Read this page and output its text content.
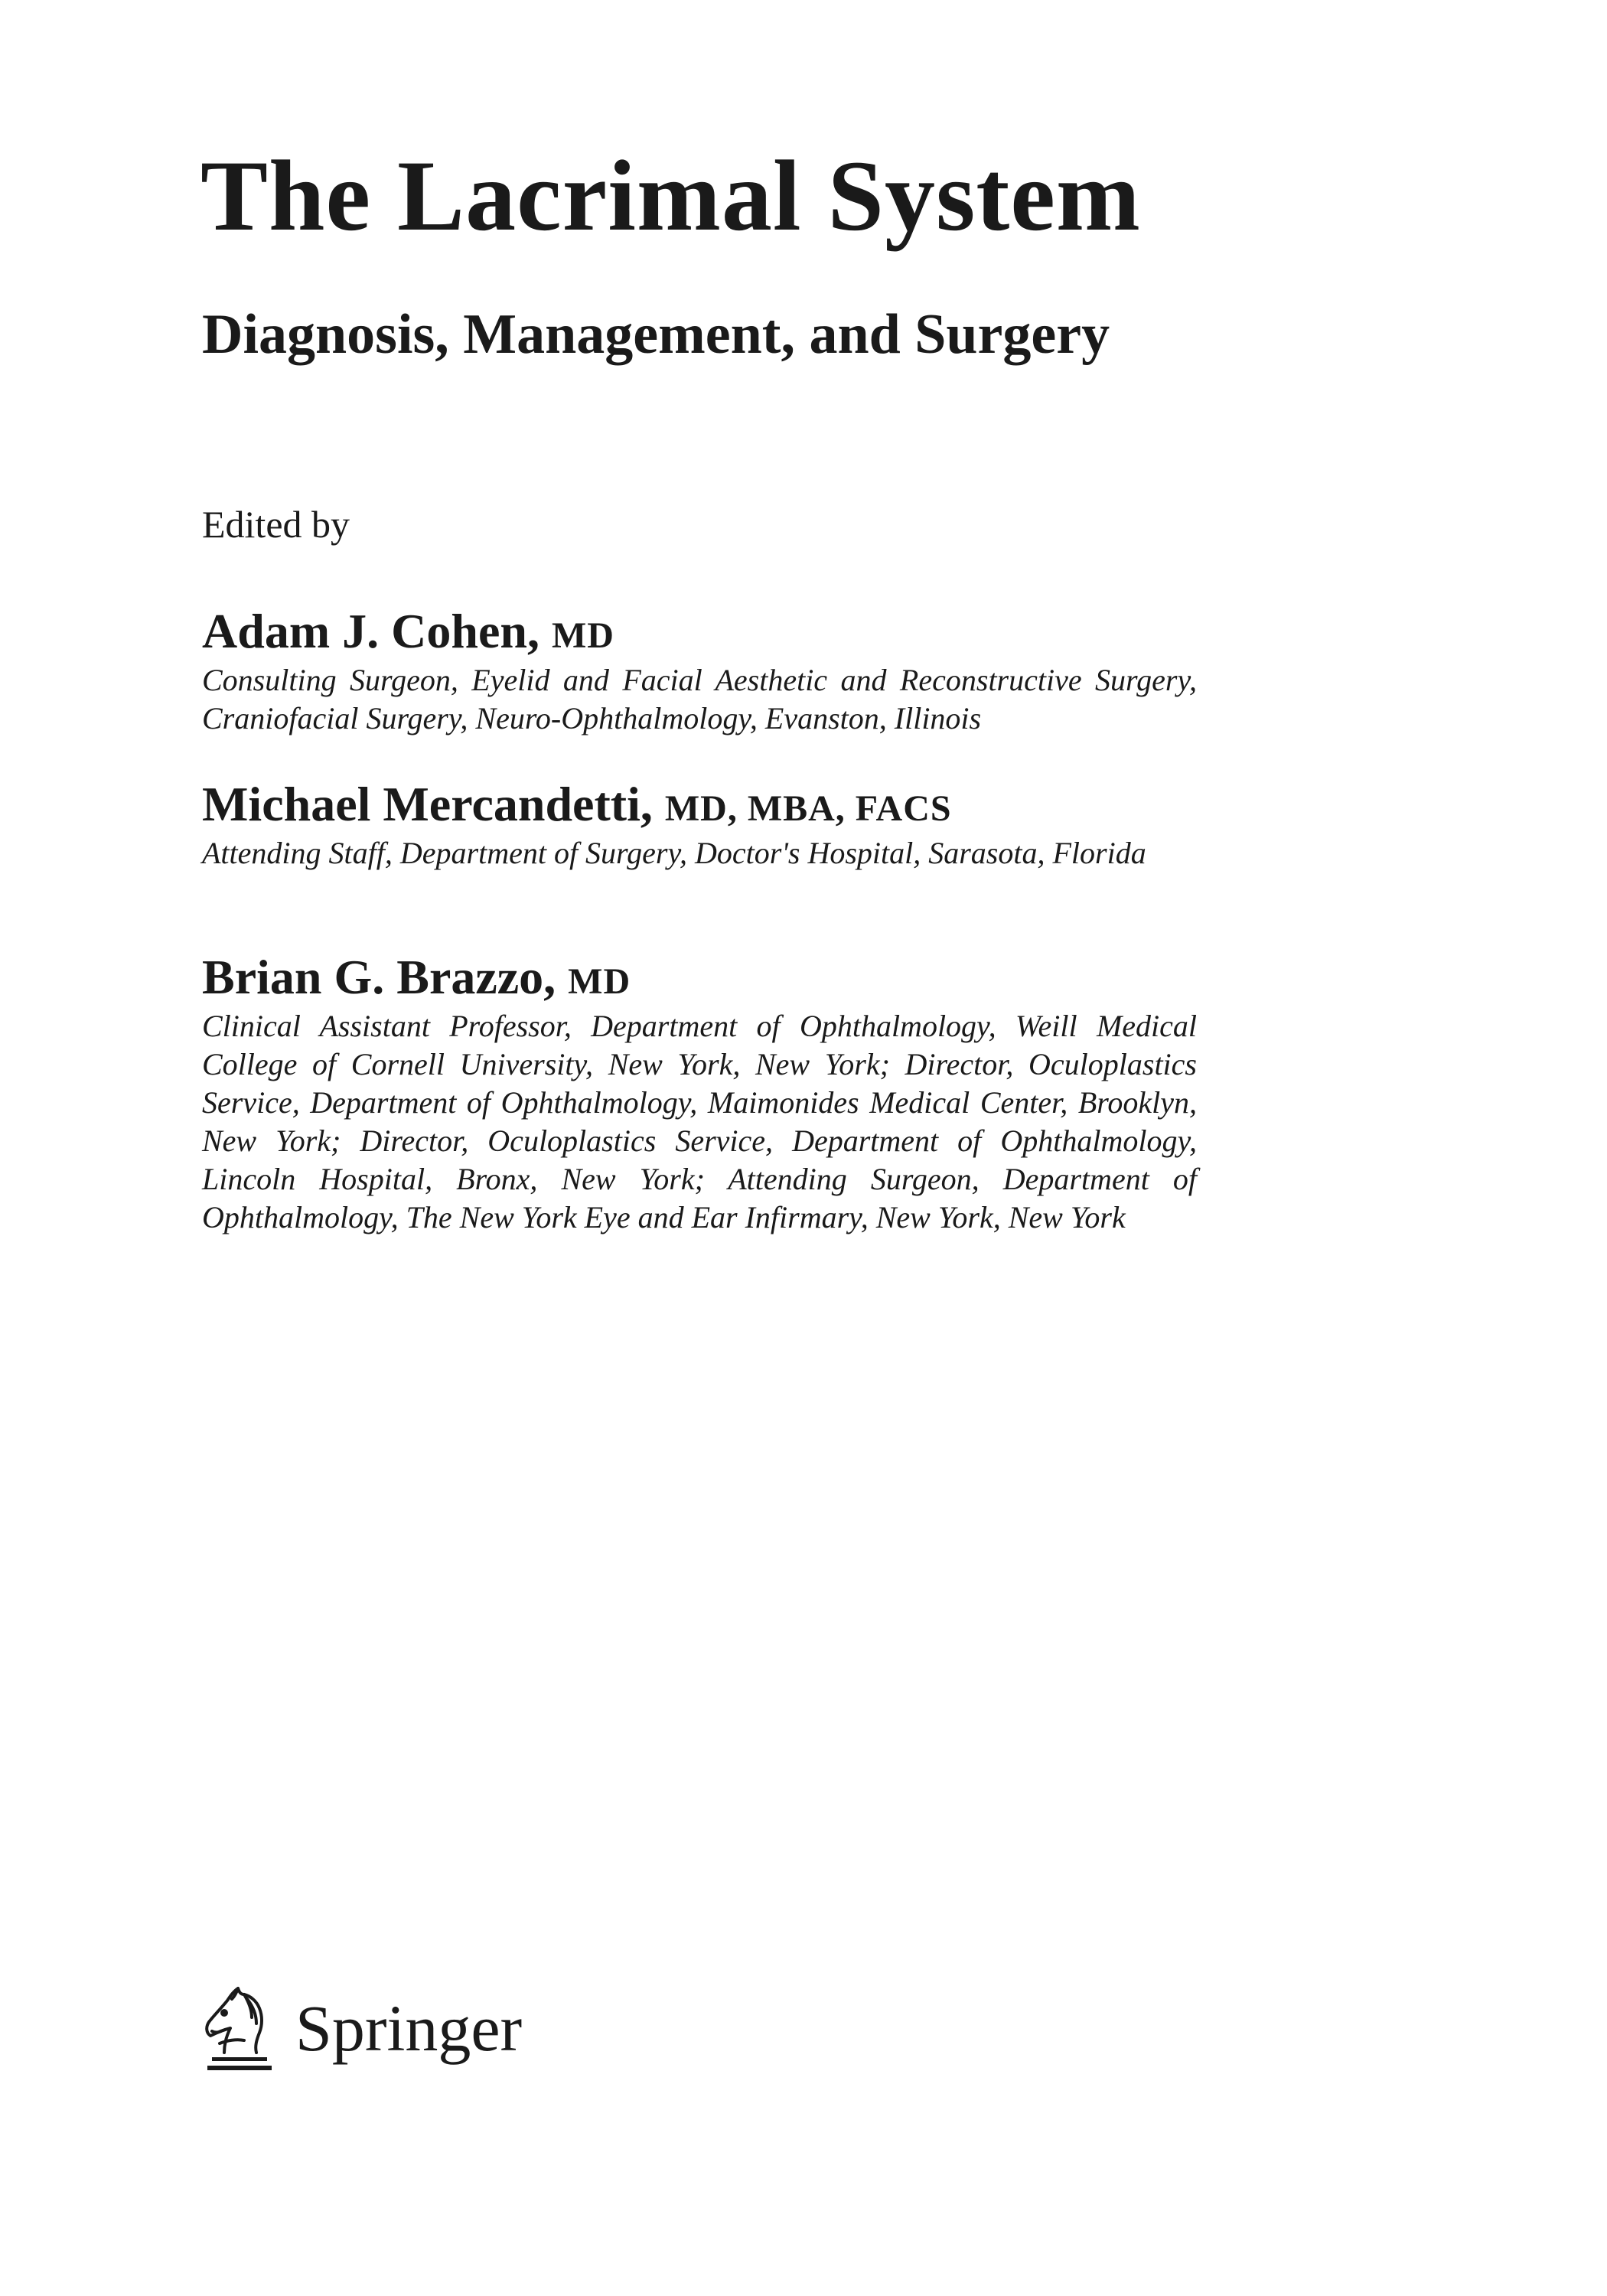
The Lacrimal System
Diagnosis, Management, and Surgery
Edited by
Adam J. Cohen, MD
Consulting Surgeon, Eyelid and Facial Aesthetic and Reconstructive Surgery, Craniofacial Surgery, Neuro-Ophthalmology, Evanston, Illinois
Michael Mercandetti, MD, MBA, FACS
Attending Staff, Department of Surgery, Doctor's Hospital, Sarasota, Florida
Brian G. Brazzo, MD
Clinical Assistant Professor, Department of Ophthalmology, Weill Medical College of Cornell University, New York, New York; Director, Oculoplastics Service, Department of Ophthalmology, Maimonides Medical Center, Brooklyn, New York; Director, Oculoplastics Service, Department of Ophthalmology, Lincoln Hospital, Bronx, New York; Attending Surgeon, Department of Ophthalmology, The New York Eye and Ear Infirmary, New York, New York
Springer
